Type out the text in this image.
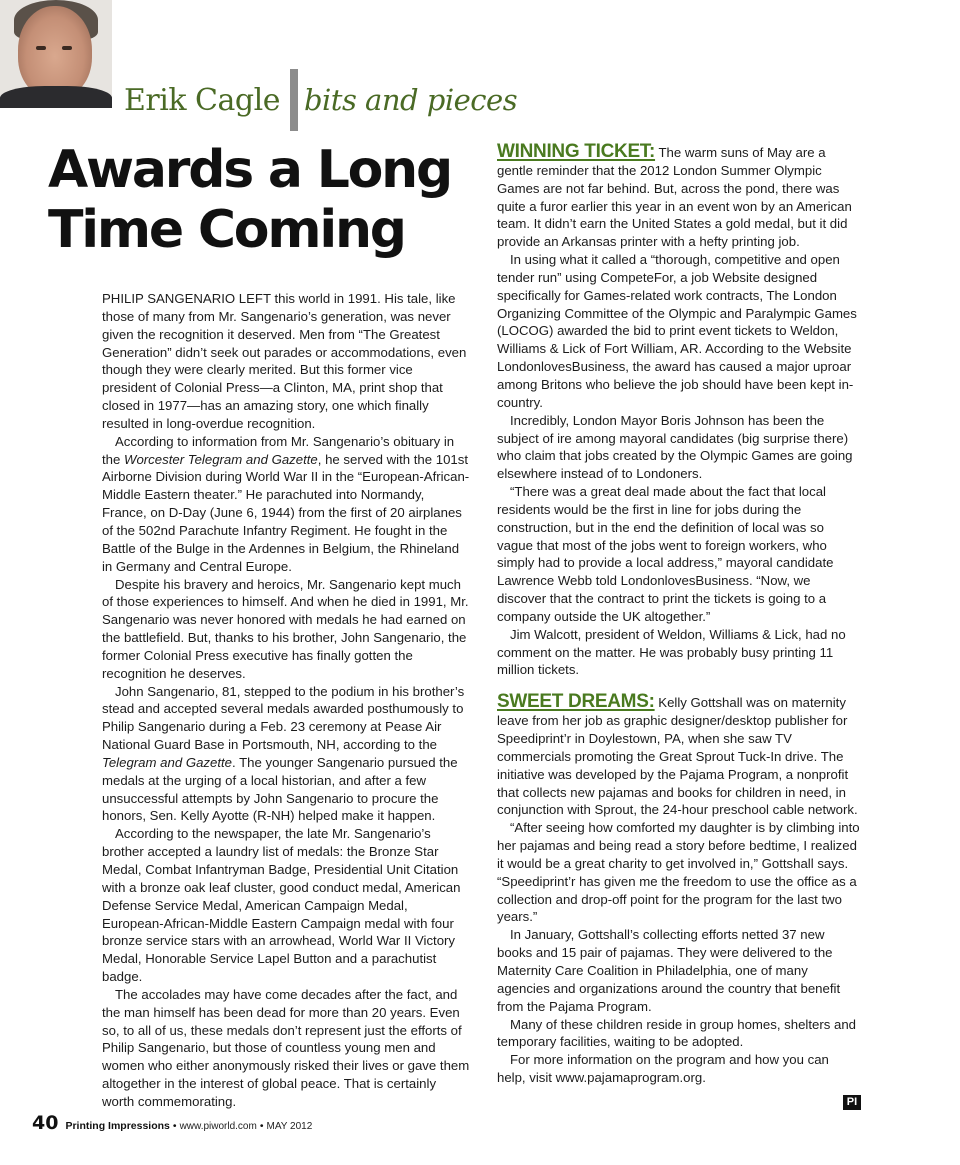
Erik Cagle bits and pieces
Awards a Long
Time Coming

PHILIP SANGENARIO LEFT this world in 1991. His tale, like those of many from Mr. Sangenario’s generation, was never given the recognition it deserved. Men from “The Greatest Generation” didn’t seek out parades or accommodations, even though they were clearly merited. But this former vice president of Colonial Press—a Clinton, MA, print shop that closed in 1977—has an amazing story, one which finally resulted in long-overdue recognition.

According to information from Mr. Sangenario’s obituary in the Worcester Telegram and Gazette, he served with the 101st Airborne Division during World War II in the “European-African-Middle Eastern theater.” He parachuted into Normandy, France, on D-Day (June 6, 1944) from the first of 20 airplanes of the 502nd Parachute Infantry Regiment. He fought in the Battle of the Bulge in the Ardennes in Belgium, the Rhineland in Germany and Central Europe.

Despite his bravery and heroics, Mr. Sangenario kept much of those experiences to himself. And when he died in 1991, Mr. Sangenario was never honored with medals he had earned on the battlefield. But, thanks to his brother, John Sangenario, the former Colonial Press executive has finally gotten the recognition he deserves.

John Sangenario, 81, stepped to the podium in his brother’s stead and accepted several medals awarded posthumously to Philip Sangenario during a Feb. 23 ceremony at Pease Air National Guard Base in Portsmouth, NH, according to the Telegram and Gazette. The younger Sangenario pursued the medals at the urging of a local historian, and after a few unsuccessful attempts by John Sangenario to procure the honors, Sen. Kelly Ayotte (R-NH) helped make it happen.

According to the newspaper, the late Mr. Sangenario’s brother accepted a laundry list of medals: the Bronze Star Medal, Combat Infantryman Badge, Presidential Unit Citation with a bronze oak leaf cluster, good conduct medal, American Defense Service Medal, American Campaign Medal, European-African-Middle Eastern Campaign medal with four bronze service stars with an arrowhead, World War II Victory Medal, Honorable Service Lapel Button and a parachutist badge.

The accolades may have come decades after the fact, and the man himself has been dead for more than 20 years. Even so, to all of us, these medals don’t represent just the efforts of Philip Sangenario, but those of countless young men and women who either anonymously risked their lives or gave them altogether in the interest of global peace. That is certainly worth commemorating.

WINNING TICKET: The warm suns of May are a gentle reminder that the 2012 London Summer Olympic Games are not far behind. But, across the pond, there was quite a furor earlier this year in an event won by an American team. It didn’t earn the United States a gold medal, but it did provide an Arkansas printer with a hefty printing job.

In using what it called a “thorough, competitive and open tender run” using CompeteFor, a job Website designed specifically for Games-related work contracts, The London Organizing Committee of the Olympic and Paralympic Games (LOCOG) awarded the bid to print event tickets to Weldon, Williams & Lick of Fort William, AR. According to the Website LondonlovesBusiness, the award has caused a major uproar among Britons who believe the job should have been kept in-country.

Incredibly, London Mayor Boris Johnson has been the subject of ire among mayoral candidates (big surprise there) who claim that jobs created by the Olympic Games are going elsewhere instead of to Londoners.

“There was a great deal made about the fact that local residents would be the first in line for jobs during the construction, but in the end the definition of local was so vague that most of the jobs went to foreign workers, who simply had to provide a local address,” mayoral candidate Lawrence Webb told LondonlovesBusiness. “Now, we discover that the contract to print the tickets is going to a company outside the UK altogether.”

Jim Walcott, president of Weldon, Williams & Lick, had no comment on the matter. He was probably busy printing 11 million tickets.

SWEET DREAMS: Kelly Gottshall was on maternity leave from her job as graphic designer/desktop publisher for Speediprint’r in Doylestown, PA, when she saw TV commercials promoting the Great Sprout Tuck-In drive. The initiative was developed by the Pajama Program, a nonprofit that collects new pajamas and books for children in need, in conjunction with Sprout, the 24-hour preschool cable network.

“After seeing how comforted my daughter is by climbing into her pajamas and being read a story before bedtime, I realized it would be a great charity to get involved in,” Gottshall says. “Speediprint’r has given me the freedom to use the office as a collection and drop-off point for the program for the last two years.”

In January, Gottshall’s collecting efforts netted 37 new books and 15 pair of pajamas. They were delivered to the Maternity Care Coalition in Philadelphia, one of many agencies and organizations around the country that benefit from the Pajama Program.

Many of these children reside in group homes, shelters and temporary facilities, waiting to be adopted.

For more information on the program and how you can help, visit www.pajamaprogram.org.

PI
40 Printing Impressions • www.piworld.com • MAY 2012
